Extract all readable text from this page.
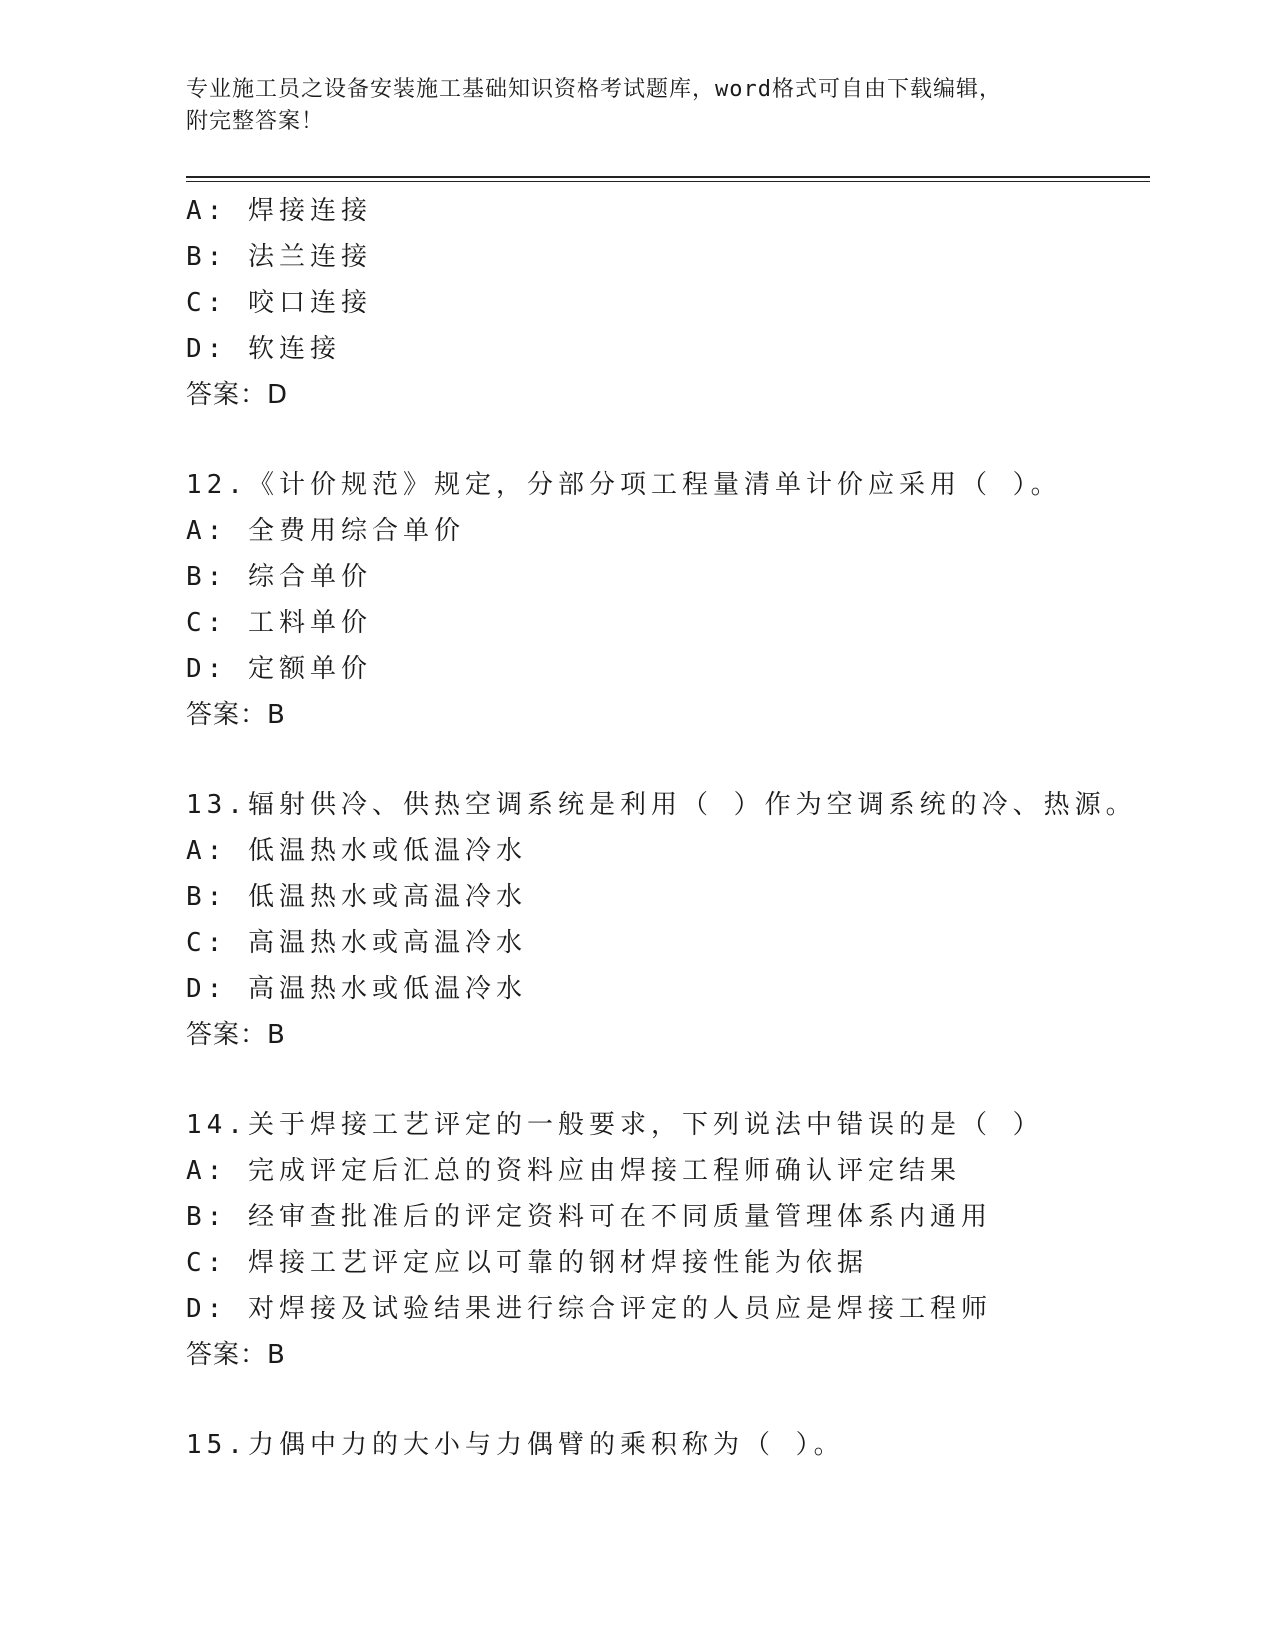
专业施工员之设备安装施工基础知识资格考试题库，word格式可自由下载编辑，
附完整答案！
A: 焊接连接
B: 法兰连接
C: 咬口连接
D: 软连接
答案：D
12.《计价规范》规定，分部分项工程量清单计价应采用（ ）。
A: 全费用综合单价
B: 综合单价
C: 工料单价
D: 定额单价
答案：B
13.辐射供冷、供热空调系统是利用（ ）作为空调系统的冷、热源。
A: 低温热水或低温冷水
B: 低温热水或高温冷水
C: 高温热水或高温冷水
D: 高温热水或低温冷水
答案：B
14.关于焊接工艺评定的一般要求，下列说法中错误的是（ ）
A: 完成评定后汇总的资料应由焊接工程师确认评定结果
B: 经审查批准后的评定资料可在不同质量管理体系内通用
C: 焊接工艺评定应以可靠的钢材焊接性能为依据
D: 对焊接及试验结果进行综合评定的人员应是焊接工程师
答案：B
15.力偶中力的大小与力偶臂的乘积称为（ ）。
